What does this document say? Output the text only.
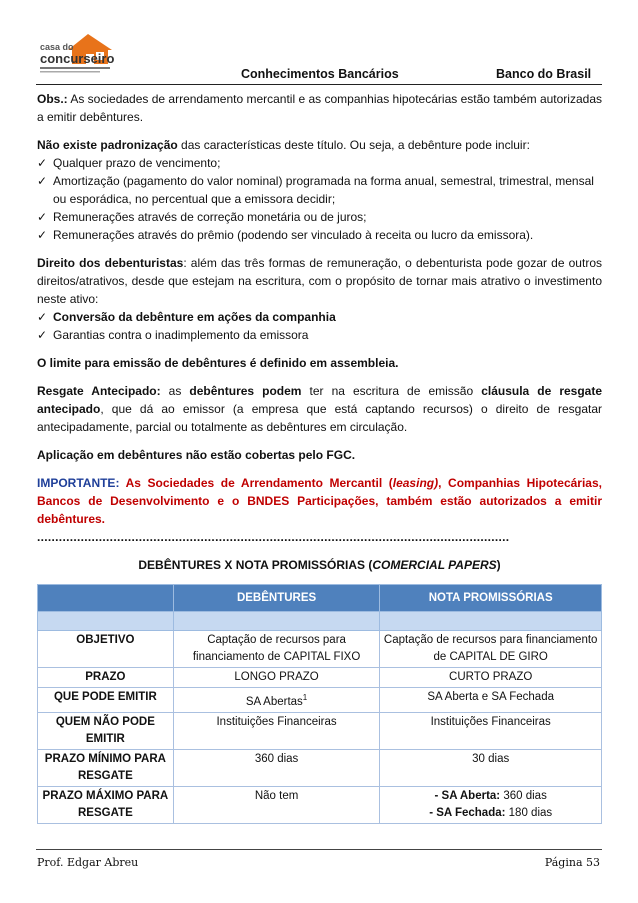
casa do
concurseiro
Conhecimentos Bancários	Banco do Brasil

Obs.: As sociedades de arrendamento mercantil e as companhias hipotecárias estão também autorizadas a emitir debêntures.

Não existe padronização das características deste título. Ou seja, a debênture pode incluir:

✓ Qualquer prazo de vencimento;
✓ Amortização (pagamento do valor nominal) programada na forma anual, semestral, trimestral, mensal ou esporádica, no percentual que a emissora decidir;
✓ Remunerações através de correção monetária ou de juros;
✓ Remunerações através do prêmio (podendo ser vinculado à receita ou lucro da emissora).

Direito dos debenturistas: além das três formas de remuneração, o debenturista pode gozar de outros direitos/atrativos, desde que estejam na escritura, com o propósito de tornar mais atrativo o investimento neste ativo:

✓ Conversão da debênture em ações da companhia
✓ Garantias contra o inadimplemento da emissora

O limite para emissão de debêntures é definido em assembleia.

Resgate Antecipado: as debêntures podem ter na escritura de emissão cláusula de resgate antecipado, que dá ao emissor (a empresa que está captando recursos) o direito de resgatar antecipadamente, parcial ou totalmente as debêntures em circulação.

Aplicação em debêntures não estão cobertas pelo FGC.

IMPORTANTE: As Sociedades de Arrendamento Mercantil (leasing), Companhias Hipotecárias, Bancos de Desenvolvimento e o BNDES Participações, também estão autorizados a emitir debêntures.

..................................................................................................................................
DEBÊNTURES X NOTA PROMISSÓRIAS (COMERCIAL PAPERS)
	DEBÊNTURES	NOTA PROMISSÓRIAS

OBJETIVO	Captação de recursos para financiamento de CAPITAL FIXO	Captação de recursos para financiamento de CAPITAL DE GIRO
PRAZO	LONGO PRAZO	CURTO PRAZO
QUE PODE EMITIR	SA Abertas$^1$	SA Aberta e SA Fechada
QUEM NÃO PODE EMITIR	Instituições Financeiras	Instituições Financeiras
PRAZO MÍNIMO PARA RESGATE	360 dias	30 dias
PRAZO MÁXIMO PARA RESGATE	Não tem	- SA Aberta: 360 dias
- SA Fechada: 180 dias
Prof. Edgar Abreu	Página 53
